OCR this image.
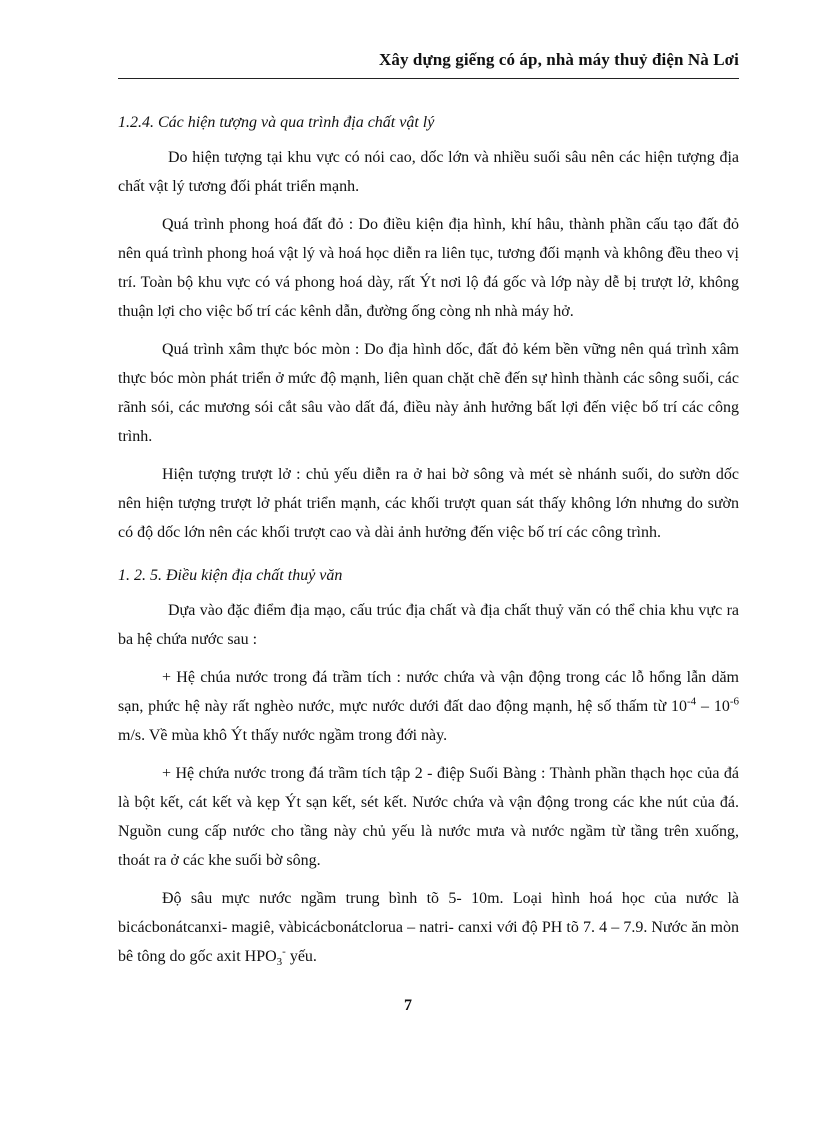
Xây dựng giếng có áp, nhà máy thuỷ điện Nà Lơi
1.2.4. Các hiện tượng và qua trình địa chất vật lý

Do hiện tượng tại khu vực có nói cao, dốc lớn và nhiều suối sâu nên các hiện tượng địa chất vật lý tương đối phát triển mạnh.

Quá trình phong hoá đất đỏ : Do điều kiện địa hình, khí hâu, thành phần cấu tạo đất đỏ nên quá trình phong hoá vật lý và hoá học diễn ra liên tục, tương đối mạnh và không đều theo vị trí. Toàn bộ khu vực có vá phong hoá dày, rất Ýt nơi lộ đá gốc và lớp này dễ bị trượt lở, không thuận lợi cho việc bố trí các kênh dẫn, đường ống còng nh nhà máy hở.

Quá trình xâm thực bóc mòn : Do địa hình dốc, đất đỏ kém bền vững nên quá trình xâm thực bóc mòn phát triển ở mức độ mạnh, liên quan chặt chẽ đến sự hình thành các sông suối, các rãnh sói, các mương sói cắt sâu vào dất đá, điều này ảnh hưởng bất lợi đến việc bố trí các công trình.

Hiện tượng trượt lở : chủ yếu diễn ra ở hai bờ sông và mét sè nhánh suối, do sườn dốc nên hiện tượng trượt lở phát triển mạnh, các khối trượt quan sát thấy không lớn nhưng do sườn có độ dốc lớn nên các khối trượt cao và dài ảnh hưởng đến việc bố trí các công trình.

1. 2. 5. Điều kiện địa chất thuỷ văn

Dựa vào đặc điểm địa mạo, cấu trúc địa chất và địa chất thuỷ văn có thể chia khu vực ra ba hệ chứa nước sau :

+ Hệ chúa nước trong đá trầm tích : nước chứa và vận động trong các lỗ hổng lẫn dăm sạn, phức hệ này rất nghèo nước, mực nước dưới đất dao động mạnh, hệ số thấm từ $10^{-4} - 10^{-6}$ m/s. Về mùa khô Ýt thấy nước ngầm trong đới này.

+ Hệ chứa nước trong đá trầm tích tập 2 - điệp Suối Bàng : Thành phần thạch học của đá là bột kết, cát kết và kẹp Ýt sạn kết, sét kết. Nước chứa và vận động trong các khe nút của đá. Nguồn cung cấp nước cho tầng này chủ yếu là nước mưa và nước ngầm từ tầng trên xuống, thoát ra ở các khe suối bờ sông.

Độ sâu mực nước ngầm trung bình tõ 5- 10m. Loại hình hoá học của nước là bicácbonátcanxi- magiê, vàbicácbonátclorua – natri- canxi với độ PH tõ 7. 4 – 7.9. Nước ăn mòn bê tông do gốc axit $HPO_3^-$ yếu.

7
